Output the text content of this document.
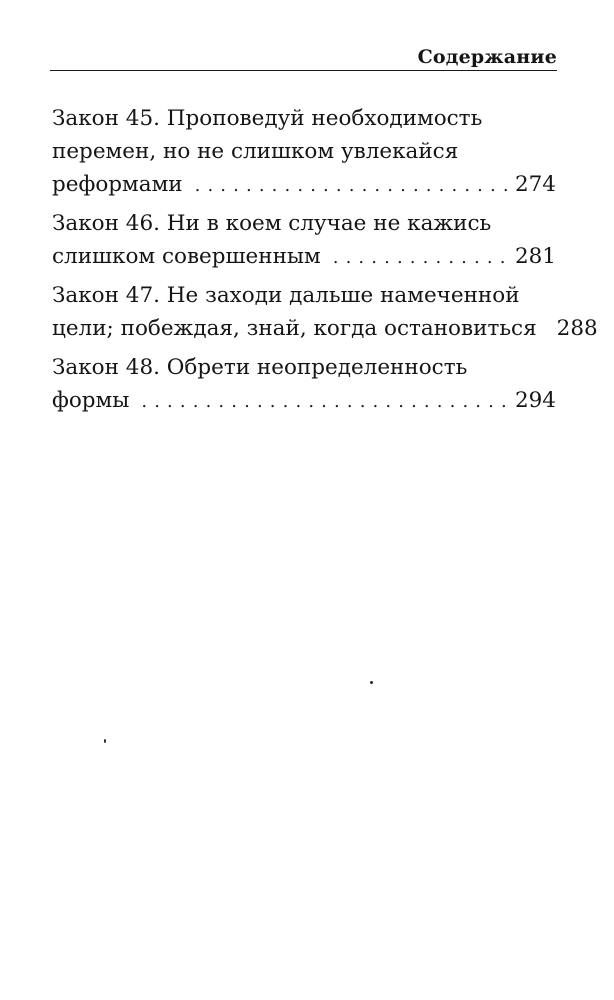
Содержание
Закон 45. Проповедуй необходимость
перемен, но не слишком увлекайся
реформами . . .	274
Закон 46. Ни в коем случае не кажись
слишком совершенным . . .	281
Закон 47. Не заходи дальше намеченной
цели; побеждая, знай, когда остановиться 288
Закон 48. Обрети неопределенность
формы . . .	294
